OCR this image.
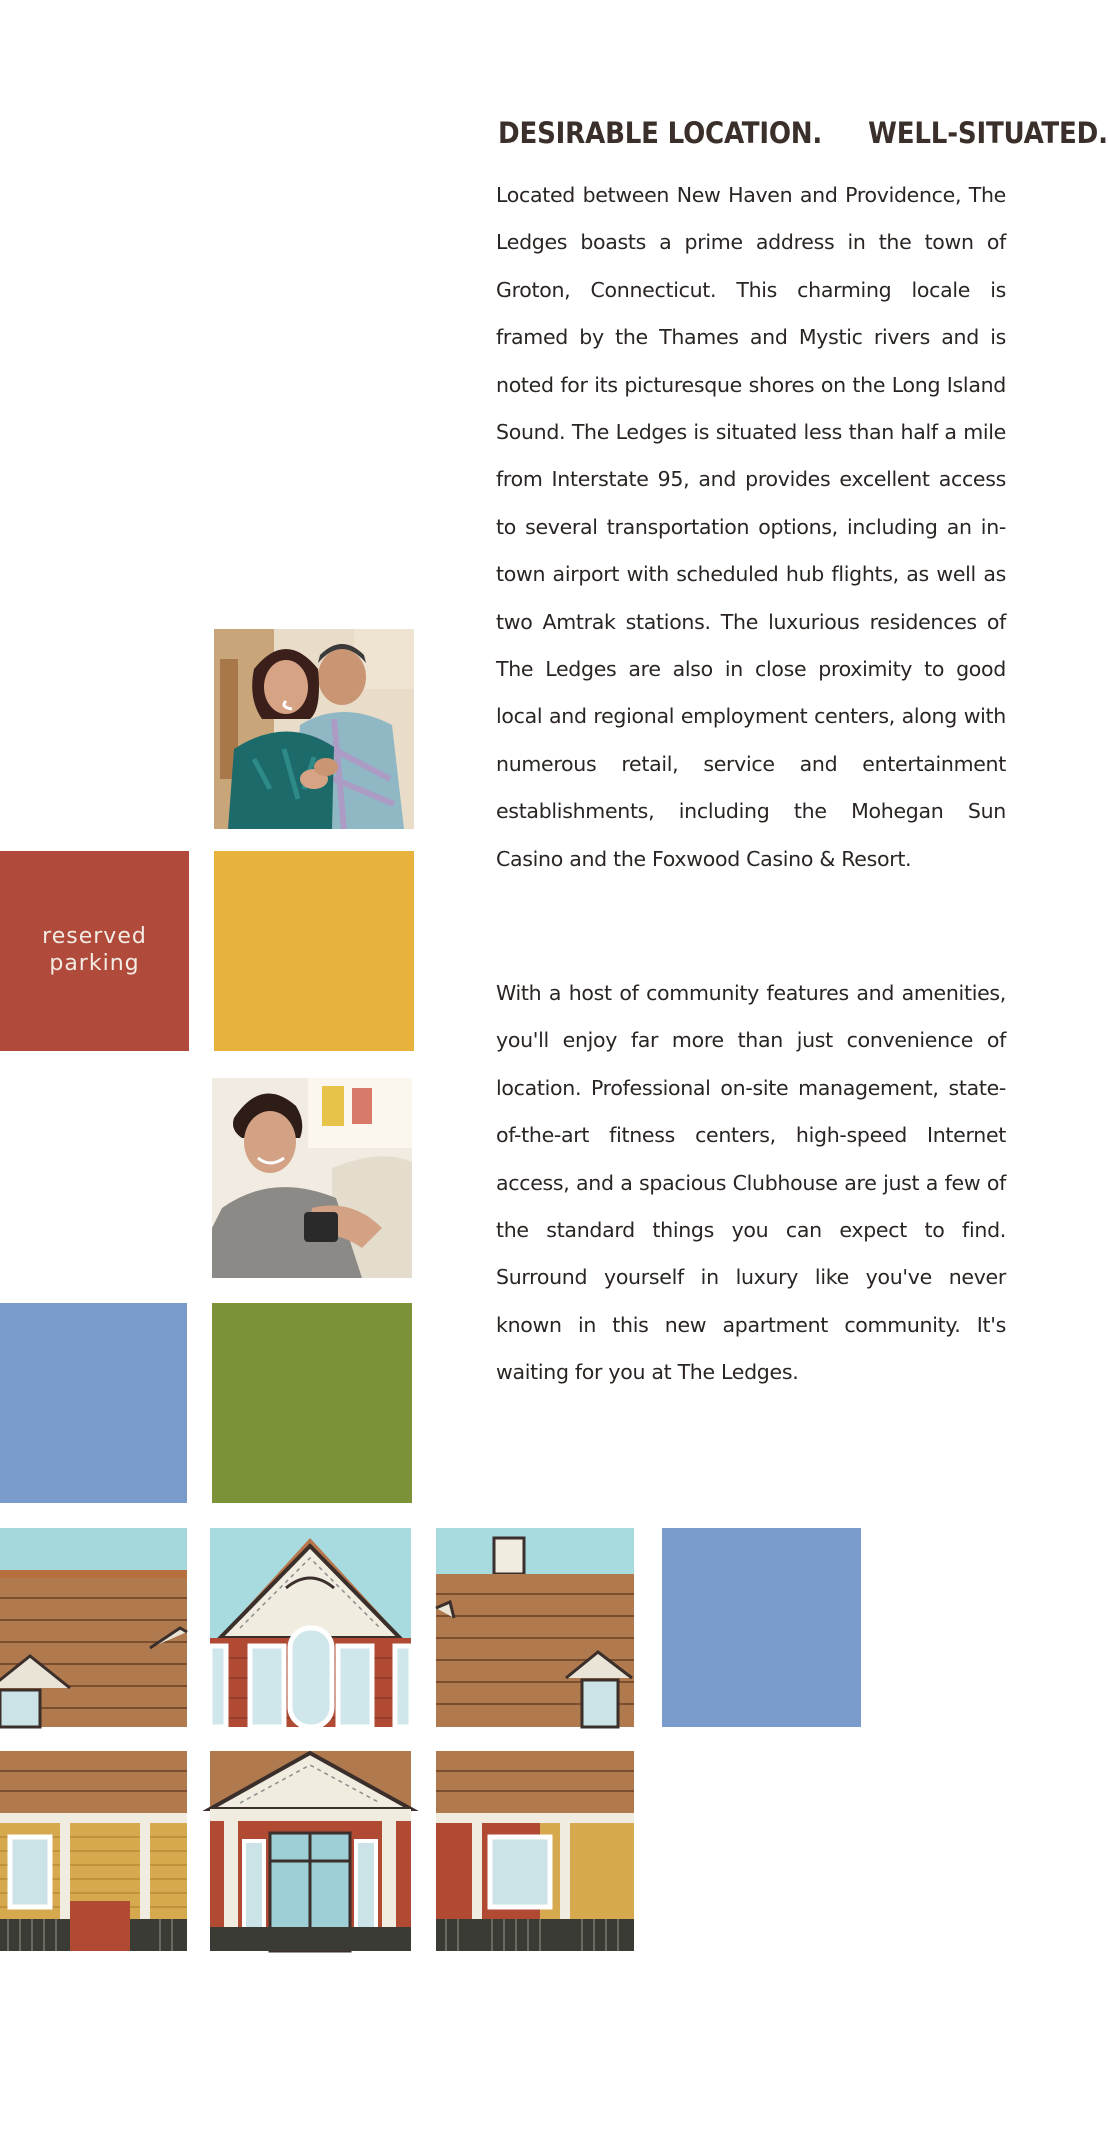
reserved
parking
DESIRABLE LOCATION. WELL-SITUATED.

Located between New Haven and Providence, The Ledges boasts a prime address in the town of Groton, Connecticut. This charming locale is framed by the Thames and Mystic rivers and is noted for its picturesque shores on the Long Island Sound. The Ledges is situated less than half a mile from Interstate 95, and provides excellent access to several transportation options, including an in-town airport with scheduled hub flights, as well as two Amtrak stations. The luxurious residences of The Ledges are also in close proximity to good local and regional employment centers, along with numerous retail, service and entertainment establishments, including the Mohegan Sun Casino and the Foxwood Casino & Resort.

With a host of community features and amenities, you'll enjoy far more than just convenience of location. Professional on-site management, state-of-the-art fitness centers, high-speed Internet access, and a spacious Clubhouse are just a few of the standard things you can expect to find. Surround yourself in luxury like you've never known in this new apartment community. It's waiting for you at The Ledges.
